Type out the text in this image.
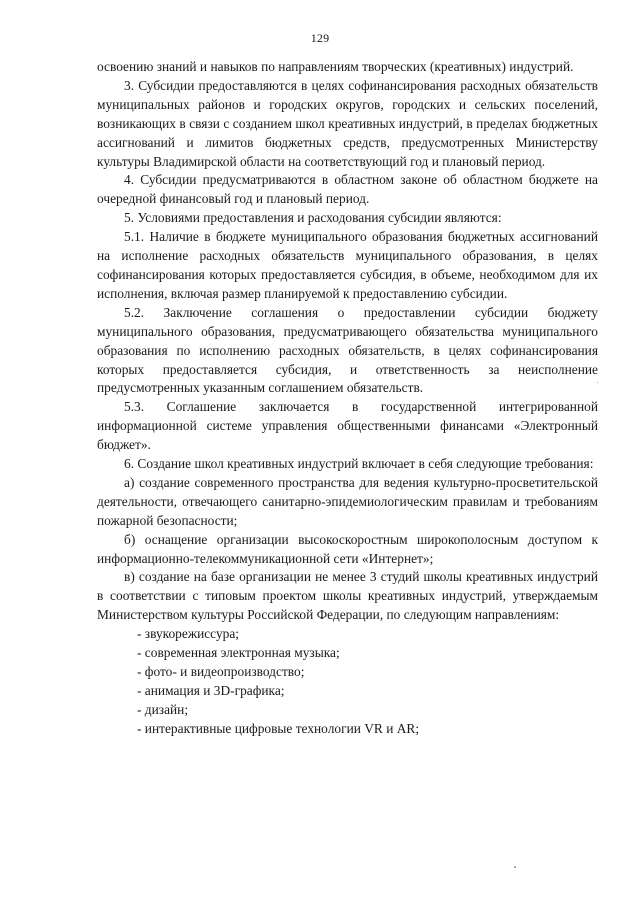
129

освоению знаний и навыков по направлениям творческих (креативных) индустрий.

3. Субсидии предоставляются в целях софинансирования расходных обязательств муниципальных районов и городских округов, городских и сельских поселений, возникающих в связи с созданием школ креативных индустрий, в пределах бюджетных ассигнований и лимитов бюджетных средств, предусмотренных Министерству культуры Владимирской области на соответствующий год и плановый период.

4. Субсидии предусматриваются в областном законе об областном бюджете на очередной финансовый год и плановый период.

5. Условиями предоставления и расходования субсидии являются:

5.1. Наличие в бюджете муниципального образования бюджетных ассигнований на исполнение расходных обязательств муниципального образования, в целях софинансирования которых предоставляется субсидия, в объеме, необходимом для их исполнения, включая размер планируемой к предоставлению субсидии.

5.2. Заключение соглашения о предоставлении субсидии бюджету муниципального образования, предусматривающего обязательства муниципального образования по исполнению расходных обязательств, в целях софинансирования которых предоставляется субсидия, и ответственность за неисполнение предусмотренных указанным соглашением обязательств.

5.3. Соглашение заключается в государственной интегрированной информационной системе управления общественными финансами «Электронный бюджет».

6. Создание школ креативных индустрий включает в себя следующие требования:

а) создание современного пространства для ведения культурно-просветительской деятельности, отвечающего санитарно-эпидемиологическим правилам и требованиям пожарной безопасности;

б) оснащение организации высокоскоростным широкополосным доступом к информационно-телекоммуникационной сети «Интернет»;

в) создание на базе организации не менее 3 студий школы креативных индустрий в соответствии с типовым проектом школы креативных индустрий, утверждаемым Министерством культуры Российской Федерации, по следующим направлениям:

- звукорежиссура;

- современная электронная музыка;

- фото- и видеопроизводство;

- анимация и 3D-графика;

- дизайн;

- интерактивные цифровые технологии VR и AR;
